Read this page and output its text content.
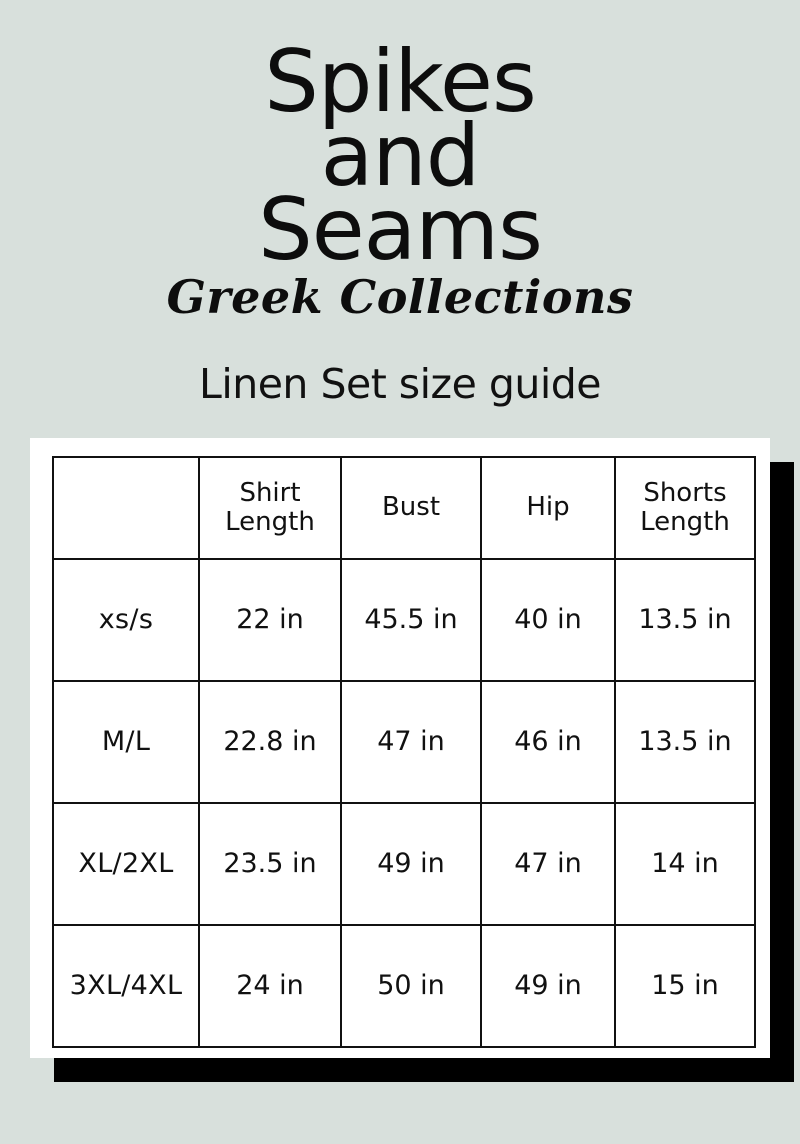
Spikes
and
Seams
Greek Collections
Linen Set size guide
	Shirt Length	Bust	Hip	Shorts Length
xs/s	22 in	45.5 in	40 in	13.5 in
M/L	22.8 in	47 in	46 in	13.5 in
XL/2XL	23.5 in	49 in	47 in	14 in
3XL/4XL	24 in	50 in	49 in	15 in
